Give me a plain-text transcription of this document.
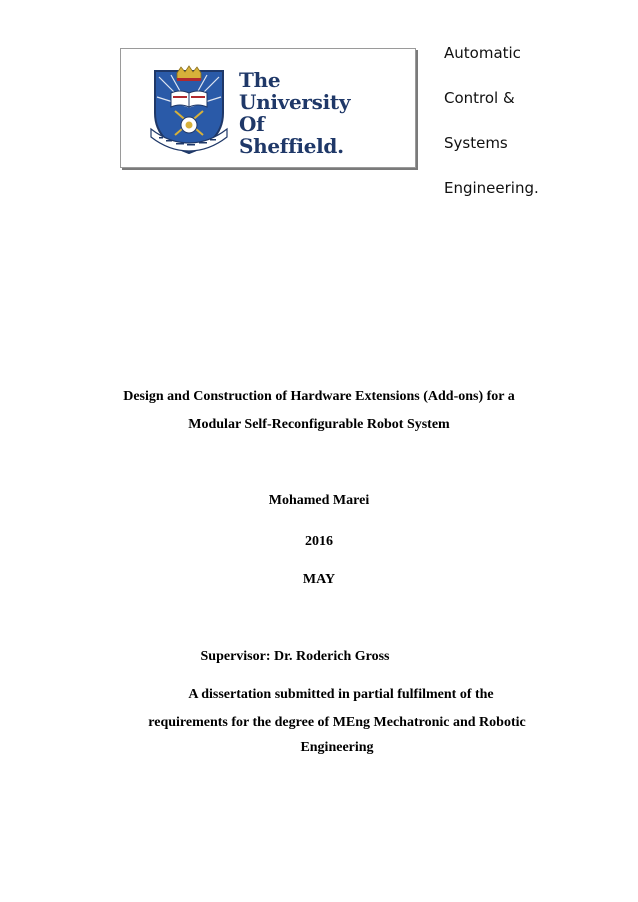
The
University
Of
Sheffield.
Automatic
Control &
Systems
Engineering.
Design and Construction of Hardware Extensions (Add-ons) for a
Modular Self-Reconfigurable Robot System
Mohamed Marei
2016
MAY
Supervisor: Dr. Roderich Gross
A dissertation submitted in partial fulfilment of the
requirements for the degree of MEng Mechatronic and Robotic
Engineering
